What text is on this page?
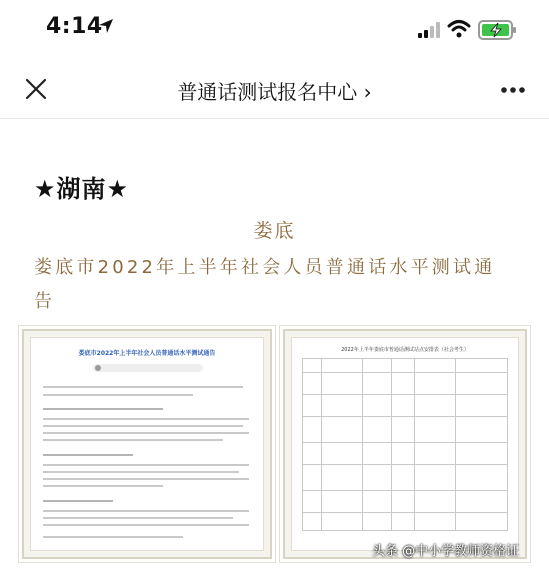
4:14
普通话测试报名中心 ›
★湖南★
娄底
娄底市2022年上半年社会人员普通话水平测试通告
娄底市2022年上半年社会人员普通话水平测试通告	2022年上半年娄底市普通话测试站点安排表（社会考生）

头条 @中小学教师资格证
